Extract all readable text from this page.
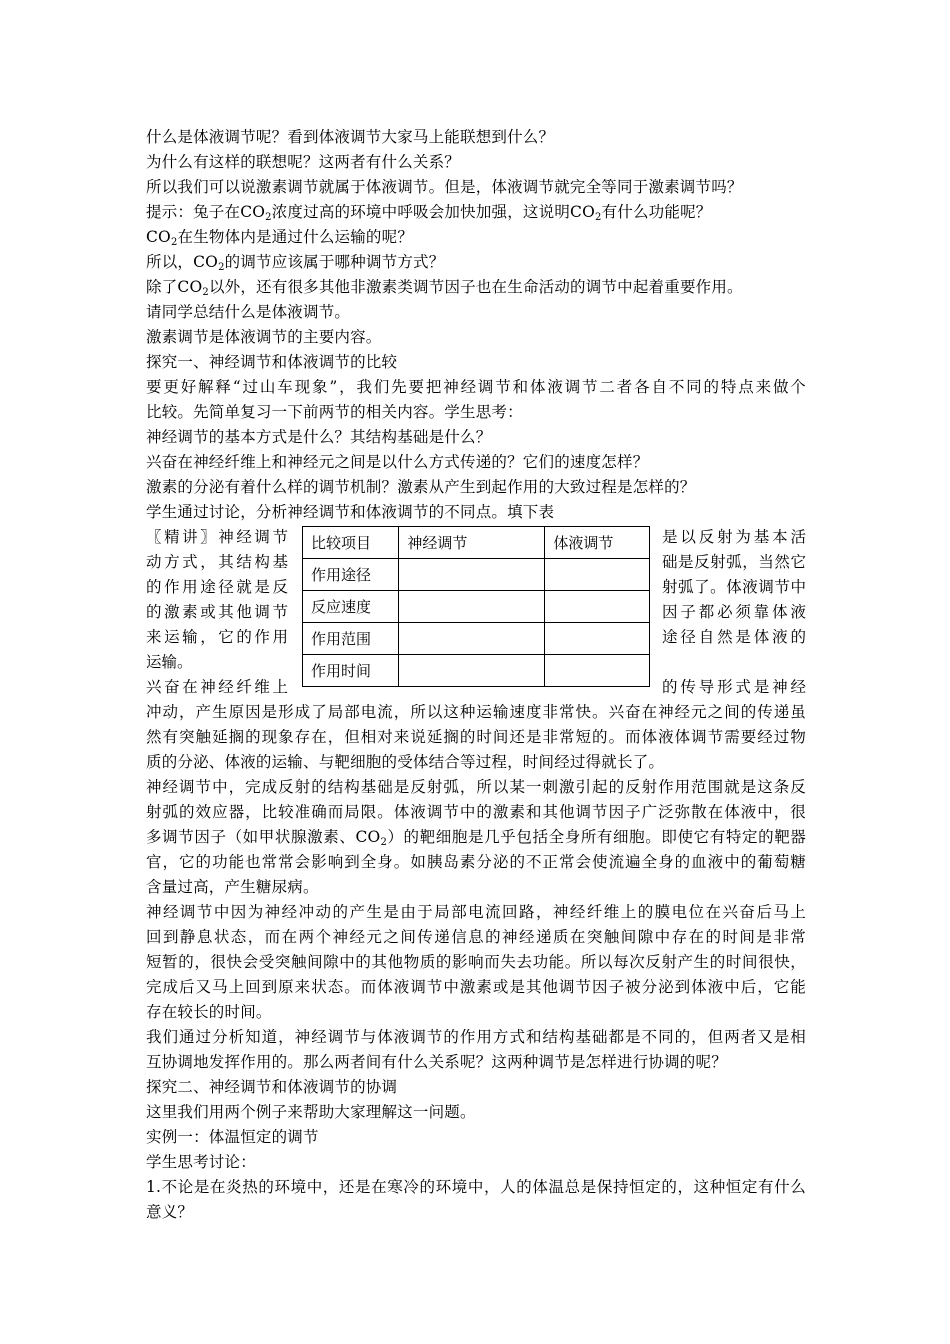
什么是体液调节呢？看到体液调节大家马上能联想到什么？
为什么有这样的联想呢？这两者有什么关系？
所以我们可以说激素调节就属于体液调节。但是，体液调节就完全等同于激素调节吗？
提示：兔子在$CO_2$浓度过高的环境中呼吸会加快加强，这说明$CO_2$有什么功能呢？
$CO_2$在生物体内是通过什么运输的呢？
所以，$CO_2$的调节应该属于哪种调节方式？
除了$CO_2$以外，还有很多其他非激素类调节因子也在生命活动的调节中起着重要作用。
请同学总结什么是体液调节。
激素调节是体液调节的主要内容。
探究一、神经调节和体液调节的比较
要更好解释“过山车现象”，我们先要把神经调节和体液调节二者各自不同的特点来做个
比较。先简单复习一下前两节的相关内容。学生思考：
神经调节的基本方式是什么？其结构基础是什么？
兴奋在神经纤维上和神经元之间是以什么方式传递的？它们的速度怎样？
激素的分泌有着什么样的调节机制？激素从产生到起作用的大致过程是怎样的？
学生通过讨论，分析神经调节和体液调节的不同点。填下表
〖精讲〗神经调节
动方式，其结构基
的作用途径就是反
的激素或其他调节
来运输，它的作用
运输。
兴奋在神经纤维上
是以反射为基本活
础是反射弧，当然它
射弧了。体液调节中
因子都必须靠体液
途径自然是体液的
的传导形式是神经
比较项目	神经调节	体液调节
作用途径		
反应速度		
作用范围		
作用时间		
冲动，产生原因是形成了局部电流，所以这种运输速度非常快。兴奋在神经元之间的传递虽
然有突触延搁的现象存在，但相对来说延搁的时间还是非常短的。而体液体调节需要经过物
质的分泌、体液的运输、与靶细胞的受体结合等过程，时间经过得就长了。
神经调节中，完成反射的结构基础是反射弧，所以某一刺激引起的反射作用范围就是这条反
射弧的效应器，比较准确而局限。体液调节中的激素和其他调节因子广泛弥散在体液中，很
多调节因子（如甲状腺激素、$CO_2$）的靶细胞是几乎包括全身所有细胞。即使它有特定的靶器
官，它的功能也常常会影响到全身。如胰岛素分泌的不正常会使流遍全身的血液中的葡萄糖
含量过高，产生糖尿病。
神经调节中因为神经冲动的产生是由于局部电流回路，神经纤维上的膜电位在兴奋后马上
回到静息状态，而在两个神经元之间传递信息的神经递质在突触间隙中存在的时间是非常
短暂的，很快会受突触间隙中的其他物质的影响而失去功能。所以每次反射产生的时间很快，
完成后又马上回到原来状态。而体液调节中激素或是其他调节因子被分泌到体液中后，它能
存在较长的时间。
我们通过分析知道，神经调节与体液调节的作用方式和结构基础都是不同的，但两者又是相
互协调地发挥作用的。那么两者间有什么关系呢？这两种调节是怎样进行协调的呢？
探究二、神经调节和体液调节的协调
这里我们用两个例子来帮助大家理解这一问题。
实例一：体温恒定的调节
学生思考讨论：
1.不论是在炎热的环境中，还是在寒冷的环境中，人的体温总是保持恒定的，这种恒定有什么
意义？
